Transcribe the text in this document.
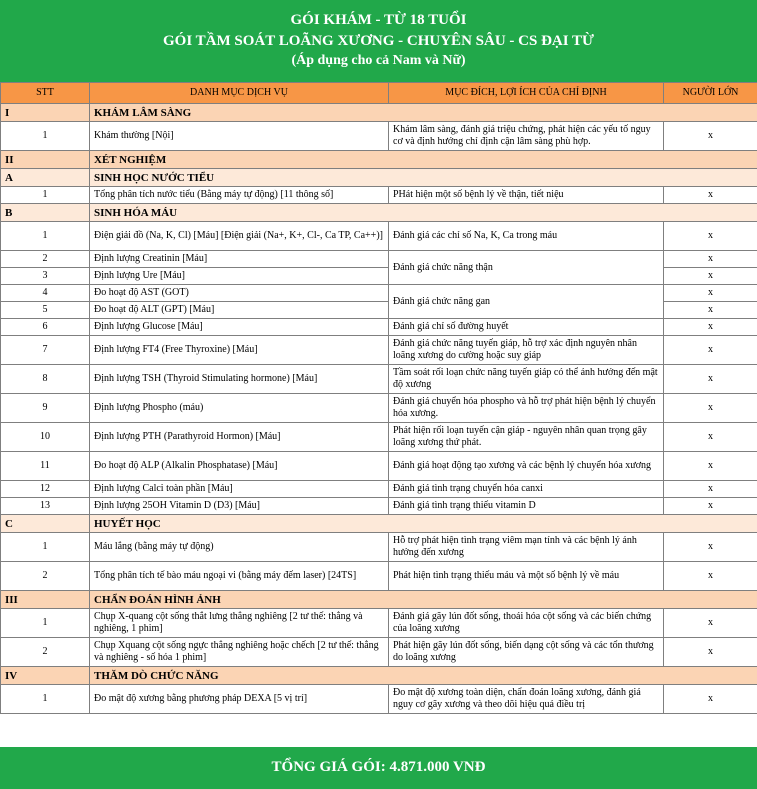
GÓI KHÁM - TỪ 18 TUỔI
GÓI TẦM SOÁT LOÃNG XƯƠNG - CHUYÊN SÂU - CS ĐẠI TỪ
(Áp dụng cho cả Nam và Nữ)
STT	DANH MỤC DỊCH VỤ	MỤC ĐÍCH, LỢI ÍCH CỦA CHỈ ĐỊNH	NGƯỜI LỚN
I	KHÁM LÂM SÀNG		
1	Khám thường [Nội]	Khám lâm sàng, đánh giá triệu chứng, phát hiện các yếu tố nguy cơ và định hướng chỉ định cận lâm sàng phù hợp.	x
II	XÉT NGHIỆM		
A	SINH HỌC NƯỚC TIỂU		
1	Tổng phân tích nước tiểu (Bằng máy tự động) [11 thông số]	PHát hiện một số bệnh lý về thận, tiết niệu	x
B	SINH HÓA MÁU		
1	Điện giải đồ (Na, K, Cl) [Máu] [Điện giải (Na+, K+, Cl-, Ca TP, Ca++)]	Đánh giá các chỉ số Na, K, Ca trong máu	x
2	Định lượng Creatinin [Máu]	Đánh giá chức năng thận	x
3	Định lượng Ure [Máu]		x
4	Đo hoạt độ AST (GOT)	Đánh giá chức năng gan	x
5	Đo hoạt độ ALT (GPT) [Máu]		x
6	Định lượng Glucose [Máu]	Đánh giá chỉ số đường huyết	x
7	Định lượng FT4 (Free Thyroxine) [Máu]	Đánh giá chức năng tuyến giáp, hỗ trợ xác định nguyên nhân loãng xương do cường hoặc suy giáp	x
8	Định lượng TSH (Thyroid Stimulating hormone) [Máu]	Tầm soát rối loạn chức năng tuyến giáp có thể ảnh hưởng đến mật độ xương	x
9	Định lượng Phospho (máu)	Đánh giá chuyển hóa phospho và hỗ trợ phát hiện bệnh lý chuyển hóa xương.	x
10	Định lượng PTH (Parathyroid Hormon) [Máu]	Phát hiện rối loạn tuyến cận giáp - nguyên nhân quan trọng gây loãng xương thứ phát.	x
11	Đo hoạt độ ALP (Alkalin Phosphatase) [Máu]	Đánh giá hoạt động tạo xương và các bệnh lý chuyển hóa xương	x
12	Định lượng Calci toàn phần [Máu]	Đánh giá tình trạng chuyển hóa canxi	x
13	Định lượng 25OH Vitamin D (D3) [Máu]	Đánh giá tình trạng thiếu vitamin D	x
C	HUYẾT HỌC		
1	Máu lắng (bằng máy tự động)	Hỗ trợ phát hiện tình trạng viêm mạn tính và các bệnh lý ảnh hưởng đến xương	x
2	Tổng phân tích tế bào máu ngoại vi (bằng máy đếm laser) [24TS]	Phát hiện tình trạng thiếu máu và một số bệnh lý về máu	x
III	CHẨN ĐOÁN HÌNH ẢNH		
1	Chụp X-quang cột sống thắt lưng thẳng nghiêng [2 tư thế: thẳng và nghiêng, 1 phim]	Đánh giá gãy lún đốt sống, thoái hóa cột sống và các biến chứng của loãng xương	x
2	Chụp Xquang cột sống ngực thẳng nghiêng hoặc chếch [2 tư thế: thẳng và nghiêng - số hóa 1 phim]	Phát hiện gãy lún đốt sống, biến dạng cột sống và các tổn thương do loãng xương	x
IV	THĂM DÒ CHỨC NĂNG		
1	Đo mật độ xương bằng phương pháp DEXA [5 vị trí]	Đo mật độ xương toàn diện, chẩn đoán loãng xương, đánh giá nguy cơ gãy xương và theo dõi hiệu quả điều trị	x
TỔNG GIÁ GÓI: 4.871.000 VNĐ
